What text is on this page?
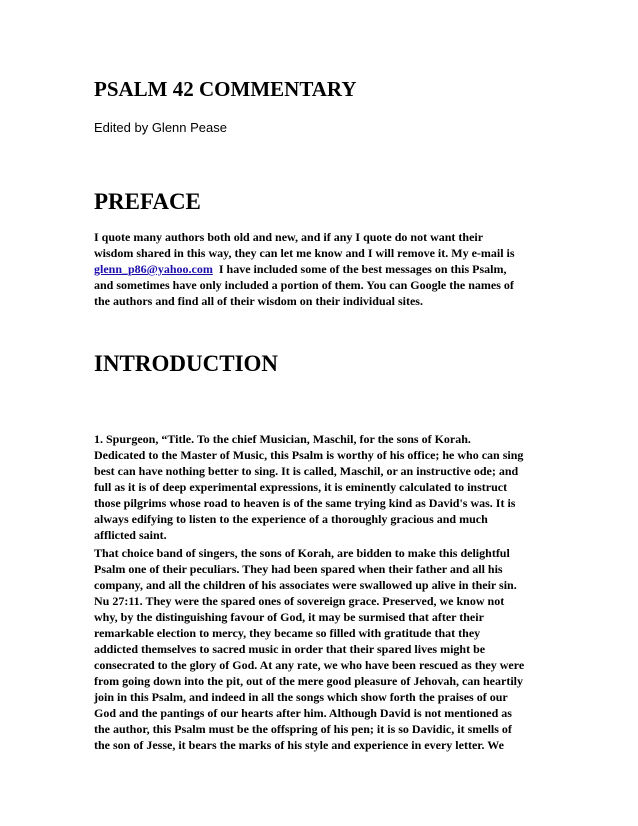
PSALM 42 COMMENTARY

Edited by Glenn Pease

PREFACE
I quote many authors both old and new, and if any I quote do not want their
wisdom shared in this way, they can let me know and I will remove it. My e-mail is
glenn_p86@yahoo.com I have included some of the best messages on this Psalm,
and sometimes have only included a portion of them. You can Google the names of
the authors and find all of their wisdom on their individual sites.
INTRODUCTION
1. Spurgeon, “Title. To the chief Musician, Maschil, for the sons of Korah.
Dedicated to the Master of Music, this Psalm is worthy of his office; he who can sing
best can have nothing better to sing. It is called, Maschil, or an instructive ode; and
full as it is of deep experimental expressions, it is eminently calculated to instruct
those pilgrims whose road to heaven is of the same trying kind as David's was. It is
always edifying to listen to the experience of a thoroughly gracious and much
afflicted saint.
That choice band of singers, the sons of Korah, are bidden to make this delightful
Psalm one of their peculiars. They had been spared when their father and all his
company, and all the children of his associates were swallowed up alive in their sin.
Nu 27:11. They were the spared ones of sovereign grace. Preserved, we know not
why, by the distinguishing favour of God, it may be surmised that after their
remarkable election to mercy, they became so filled with gratitude that they
addicted themselves to sacred music in order that their spared lives might be
consecrated to the glory of God. At any rate, we who have been rescued as they were
from going down into the pit, out of the mere good pleasure of Jehovah, can heartily
join in this Psalm, and indeed in all the songs which show forth the praises of our
God and the pantings of our hearts after him. Although David is not mentioned as
the author, this Psalm must be the offspring of his pen; it is so Davidic, it smells of
the son of Jesse, it bears the marks of his style and experience in every letter. We
